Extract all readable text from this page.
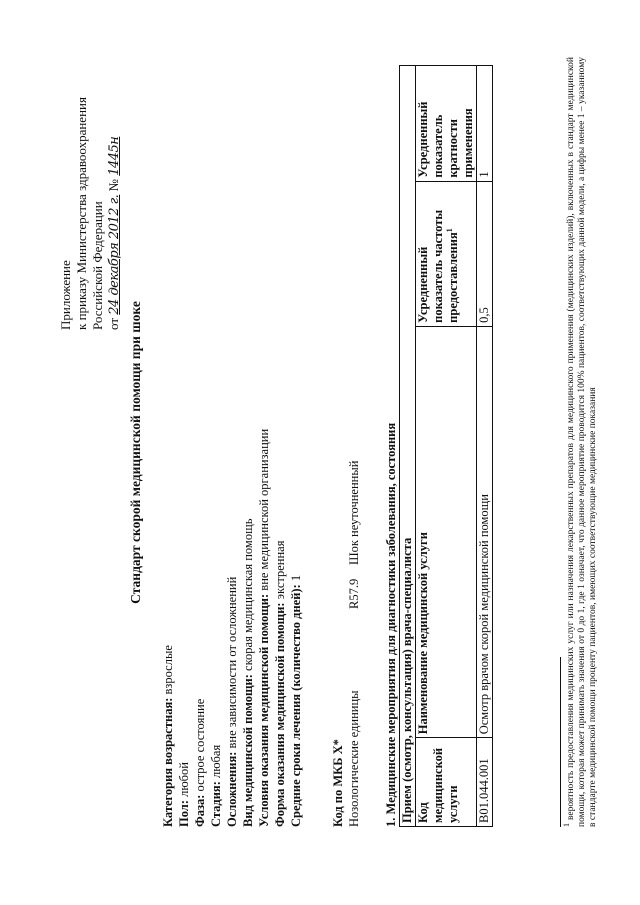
Приложение к приказу Министерства здравоохранения Российской Федерации от 24 декабря 2012 г. № 1445н
Стандарт скорой медицинской помощи при шоке
Категория возрастная: взрослые
Пол: любой
Фаза: острое состояние
Стадия: любая Осложнения: вне зависимости от осложнений
Вид медицинской помощи: скорая медицинская помощь Условия оказания медицинской помощи: вне медицинской организации
Форма оказания медицинской помощи: экстренная
Средние сроки лечения (количество дней): 1
Код по МКБ X* Нозологические единицы
R57.9
Шок неуточненный 1. Медицинские мероприятия для диагностики заболевания, состояния Прием (осмотр, консультация) врача-специалиста			
Код медицинской услуги	Наименование медицинской услуги	Усредненный показатель частоты предоставления$^1$	Усредненный показатель кратности применения
B01.044.001	Осмотр врачом скорой медицинской помощи	0,5	1
$^1$ вероятность предоставления медицинских услуг или назначения лекарственных препаратов для медицинского применения (медицинских изделий), включенных в стандарт медицинской помощи, которая может принимать значения от 0 до 1, где 1 означает, что данное мероприятие проводится 100% пациентов, соответствующих данной модели, а цифры менее 1 – указанному в стандарте медицинской помощи проценту пациентов, имеющих соответствующие медицинские показания
